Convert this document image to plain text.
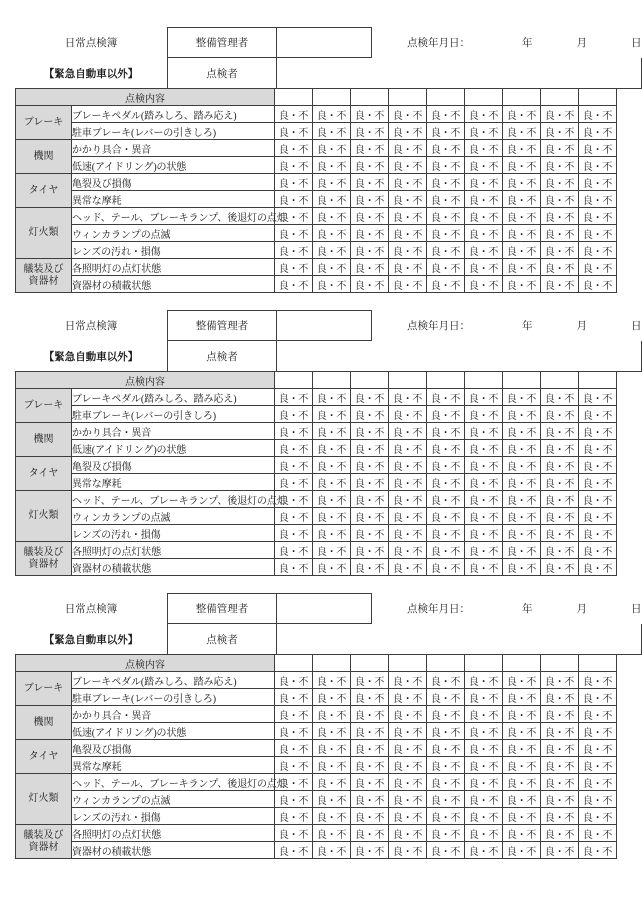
日常点検簿
【緊急自動車以外】
整備管理者	点検年月日：	年	月	日
点検者
点検内容										
ブレーキ	ブレーキペダル(踏みしろ、踏み応え)	良・不	良・不	良・不	良・不	良・不	良・不	良・不	良・不	良・不
	駐車ブレーキ(レバーの引きしろ)	良・不	良・不	良・不	良・不	良・不	良・不	良・不	良・不	良・不
機関	かかり具合・異音	良・不	良・不	良・不	良・不	良・不	良・不	良・不	良・不	良・不
	低速(アイドリング)の状態	良・不	良・不	良・不	良・不	良・不	良・不	良・不	良・不	良・不
タイヤ	亀裂及び損傷	良・不	良・不	良・不	良・不	良・不	良・不	良・不	良・不	良・不
	異常な摩耗	良・不	良・不	良・不	良・不	良・不	良・不	良・不	良・不	良・不
灯火類	ヘッド、テール、ブレーキランプ、後退灯の点灯	良・不	良・不	良・不	良・不	良・不	良・不	良・不	良・不	良・不
	ウィンカランプの点滅	良・不	良・不	良・不	良・不	良・不	良・不	良・不	良・不	良・不
	レンズの汚れ・損傷	良・不	良・不	良・不	良・不	良・不	良・不	良・不	良・不	良・不
艤装及び
資器材	各照明灯の点灯状態	良・不	良・不	良・不	良・不	良・不	良・不	良・不	良・不	良・不
	資器材の積載状態	良・不	良・不	良・不	良・不	良・不	良・不	良・不	良・不	良・不
日常点検簿
【緊急自動車以外】
整備管理者	点検年月日：	年	月	日
点検者
点検内容										
ブレーキ	ブレーキペダル(踏みしろ、踏み応え)	良・不	良・不	良・不	良・不	良・不	良・不	良・不	良・不	良・不
	駐車ブレーキ(レバーの引きしろ)	良・不	良・不	良・不	良・不	良・不	良・不	良・不	良・不	良・不
機関	かかり具合・異音	良・不	良・不	良・不	良・不	良・不	良・不	良・不	良・不	良・不
	低速(アイドリング)の状態	良・不	良・不	良・不	良・不	良・不	良・不	良・不	良・不	良・不
タイヤ	亀裂及び損傷	良・不	良・不	良・不	良・不	良・不	良・不	良・不	良・不	良・不
	異常な摩耗	良・不	良・不	良・不	良・不	良・不	良・不	良・不	良・不	良・不
灯火類	ヘッド、テール、ブレーキランプ、後退灯の点灯	良・不	良・不	良・不	良・不	良・不	良・不	良・不	良・不	良・不
	ウィンカランプの点滅	良・不	良・不	良・不	良・不	良・不	良・不	良・不	良・不	良・不
	レンズの汚れ・損傷	良・不	良・不	良・不	良・不	良・不	良・不	良・不	良・不	良・不
艤装及び
資器材	各照明灯の点灯状態	良・不	良・不	良・不	良・不	良・不	良・不	良・不	良・不	良・不
	資器材の積載状態	良・不	良・不	良・不	良・不	良・不	良・不	良・不	良・不	良・不
日常点検簿
【緊急自動車以外】
整備管理者	点検年月日：	年	月	日
点検者
点検内容										
ブレーキ	ブレーキペダル(踏みしろ、踏み応え)	良・不	良・不	良・不	良・不	良・不	良・不	良・不	良・不	良・不
	駐車ブレーキ(レバーの引きしろ)	良・不	良・不	良・不	良・不	良・不	良・不	良・不	良・不	良・不
機関	かかり具合・異音	良・不	良・不	良・不	良・不	良・不	良・不	良・不	良・不	良・不
	低速(アイドリング)の状態	良・不	良・不	良・不	良・不	良・不	良・不	良・不	良・不	良・不
タイヤ	亀裂及び損傷	良・不	良・不	良・不	良・不	良・不	良・不	良・不	良・不	良・不
	異常な摩耗	良・不	良・不	良・不	良・不	良・不	良・不	良・不	良・不	良・不
灯火類	ヘッド、テール、ブレーキランプ、後退灯の点灯	良・不	良・不	良・不	良・不	良・不	良・不	良・不	良・不	良・不
	ウィンカランプの点滅	良・不	良・不	良・不	良・不	良・不	良・不	良・不	良・不	良・不
	レンズの汚れ・損傷	良・不	良・不	良・不	良・不	良・不	良・不	良・不	良・不	良・不
艤装及び
資器材	各照明灯の点灯状態	良・不	良・不	良・不	良・不	良・不	良・不	良・不	良・不	良・不
	資器材の積載状態	良・不	良・不	良・不	良・不	良・不	良・不	良・不	良・不	良・不
